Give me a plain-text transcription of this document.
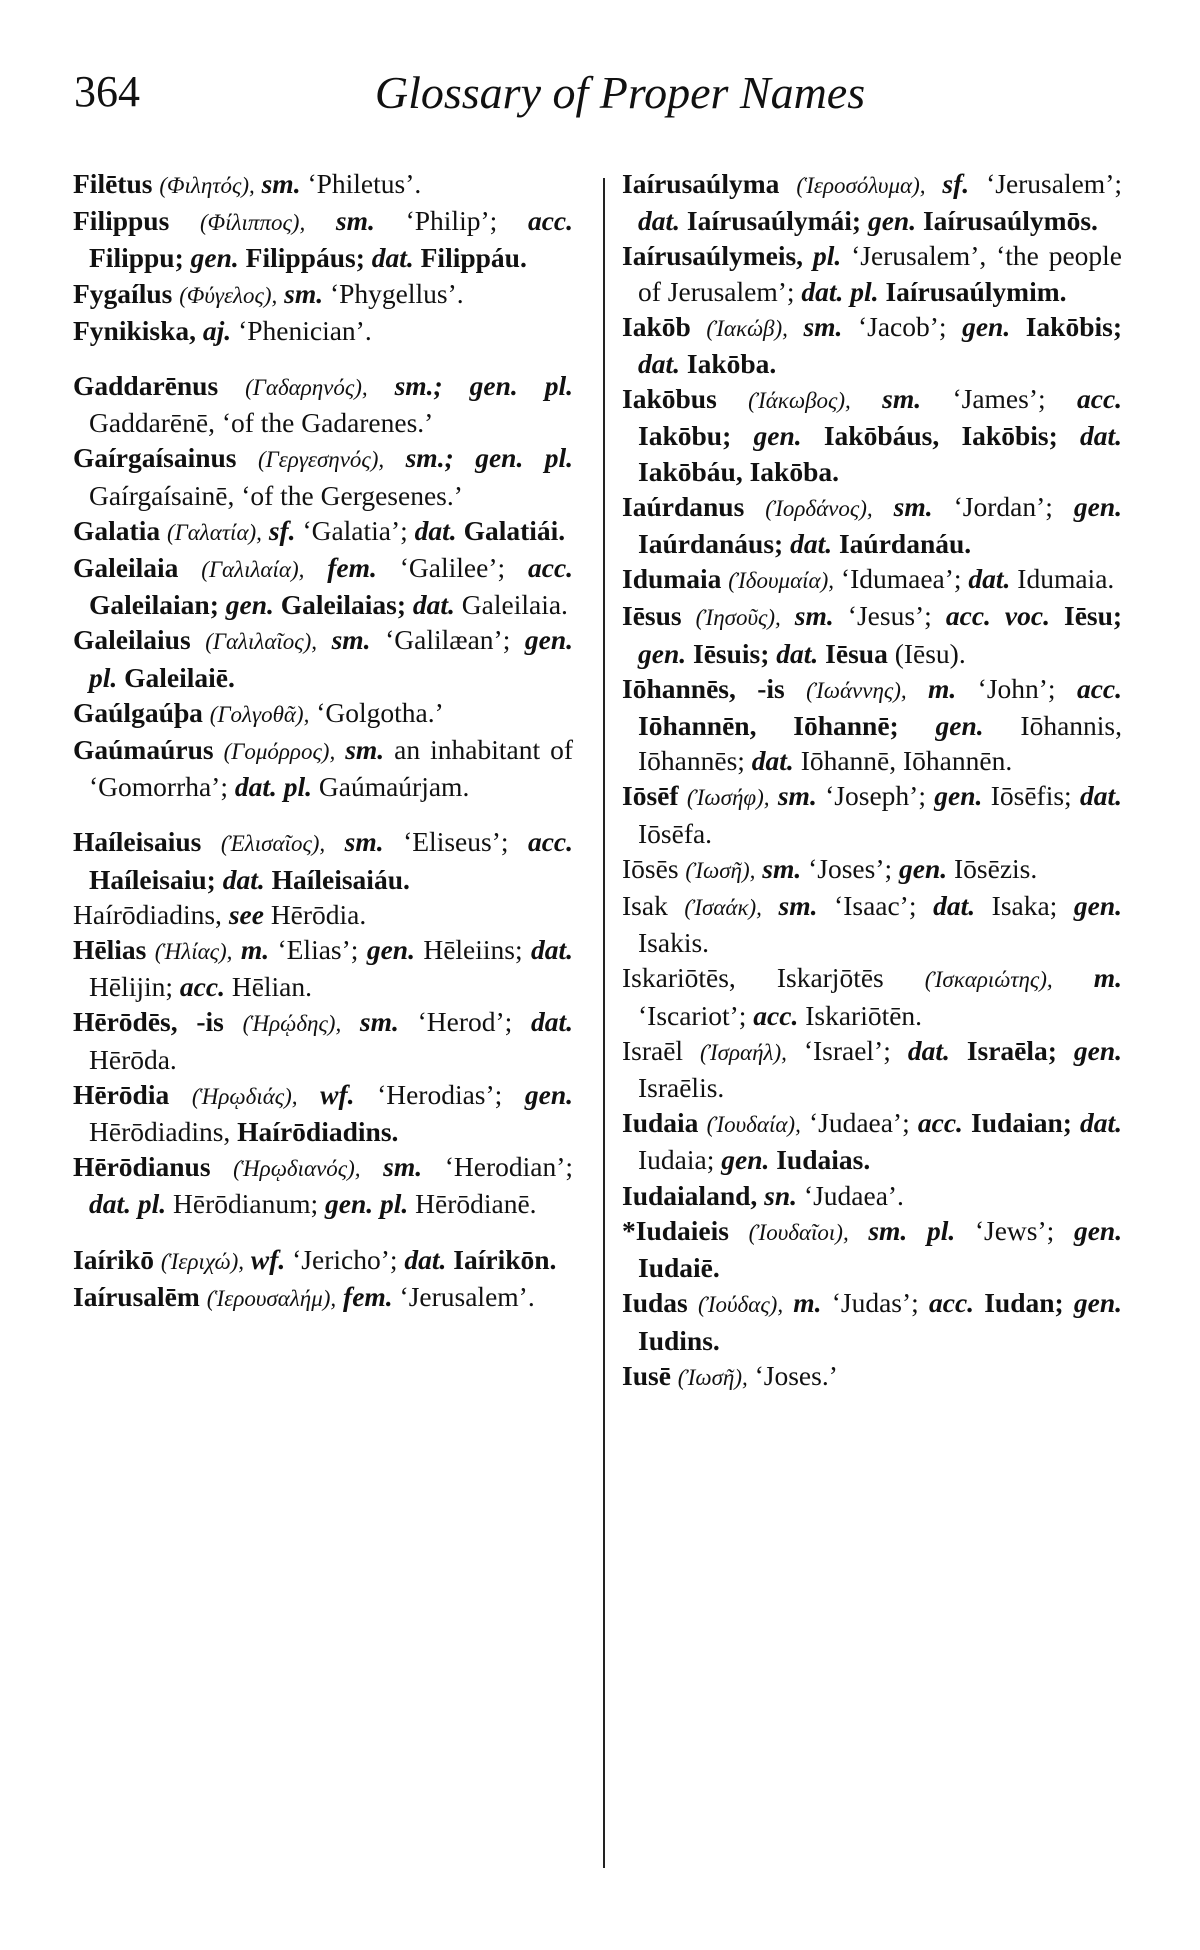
364	Glossary of Proper Names

Filētus (Φιλητός), sm. ‘Philetus’.

Filippus (Φίλιππος), sm. ‘Philip’; acc. Filippu; gen. Filippáus; dat. Filippáu.

Fygaílus (Φύγελος), sm. ‘Phygellus’.

Fynikiska, aj. ‘Phenician’.

Gaddarēnus (Γαδαρηνός), sm.; gen. pl. Gaddarēnē, ‘of the Gadarenes.’

Gaírgaísainus (Γεργεσηνός), sm.; gen. pl. Gaírgaísainē, ‘of the Gergesenes.’

Galatia (Γαλατία), sf. ‘Galatia’; dat. Galatiái.

Galeilaia (Γαλιλαία), fem. ‘Galilee’; acc. Galeilaian; gen. Galeilaias; dat. Galeilaia.

Galeilaius (Γαλιλαῖος), sm. ‘Galilæan’; gen. pl. Galeilaiē.

Gaúlgaúþa (Γολγοθᾶ), ‘Golgotha.’

Gaúmaúrus (Γομόρρος), sm. an inhabitant of ‘Gomorrha’; dat. pl. Gaúmaúrjam.

Haíleisaius (Ἐλισαῖος), sm. ‘Eliseus’; acc. Haíleisaiu; dat. Haíleisaiáu.

Haírōdiadins, see Hērōdia.

Hēlias (Ἡλίας), m. ‘Elias’; gen. Hēleiins; dat. Hēlijin; acc. Hēlian.

Hērōdēs, -is (Ἡρῴδης), sm. ‘Herod’; dat. Hērōda.

Hērōdia (Ἡρῳδιάς), wf. ‘Herodias’; gen. Hērōdiadins, Haírōdiadins.

Hērōdianus (Ἡρῳδιανός), sm. ‘Herodian’; dat. pl. Hērōdianum; gen. pl. Hērōdianē.

Iaírikō (Ἱεριχώ), wf. ‘Jericho’; dat. Iaírikōn.

Iaírusalēm (Ἱερουσαλήμ), fem. ‘Jerusalem’.

Iaírusaúlyma (Ἱεροσόλυμα), sf. ‘Jerusalem’; dat. Iaírusaúlymái; gen. Iaírusaúlymōs.

Iaírusaúlymeis, pl. ‘Jerusalem’, ‘the people of Jerusalem’; dat. pl. Iaírusaúlymim.

Iakōb (Ἰακώβ), sm. ‘Jacob’; gen. Iakōbis; dat. Iakōba.

Iakōbus (Ἰάκωβος), sm. ‘James’; acc. Iakōbu; gen. Iakōbáus, Iakōbis; dat. Iakōbáu, Iakōba.

Iaúrdanus (Ἰορδάνος), sm. ‘Jordan’; gen. Iaúrdanáus; dat. Iaúrdanáu.

Idumaia (Ἰδουμαία), ‘Idumaea’; dat. Idumaia.

Iēsus (Ἰησοῦς), sm. ‘Jesus’; acc. voc. Iēsu; gen. Iēsuis; dat. Iēsua (Iēsu).

Iōhannēs, -is (Ἰωάννης), m. ‘John’; acc. Iōhannēn, Iōhannē; gen. Iōhannis, Iōhannēs; dat. Iōhannē, Iōhannēn.

Iōsēf (Ἰωσήφ), sm. ‘Joseph’; gen. Iōsēfis; dat. Iōsēfa.

Iōsēs (Ἰωσῆ), sm. ‘Joses’; gen. Iōsēzis.

Isak (Ἰσαάκ), sm. ‘Isaac’; dat. Isaka; gen. Isakis.

Iskariōtēs, Iskarjōtēs (Ἰσκαριώτης), m. ‘Iscariot’; acc. Iskariōtēn.

Israēl (Ἰσραήλ), ‘Israel’; dat. Israēla; gen. Israēlis.

Iudaia (Ἰουδαία), ‘Judaea’; acc. Iudaian; dat. Iudaia; gen. Iudaias.

Iudaialand, sn. ‘Judaea’.

*Iudaieis (Ἰουδαῖοι), sm. pl. ‘Jews’; gen. Iudaiē.

Iudas (Ἰούδας), m. ‘Judas’; acc. Iudan; gen. Iudins.

Iusē (Ἰωσῆ), ‘Joses.’
